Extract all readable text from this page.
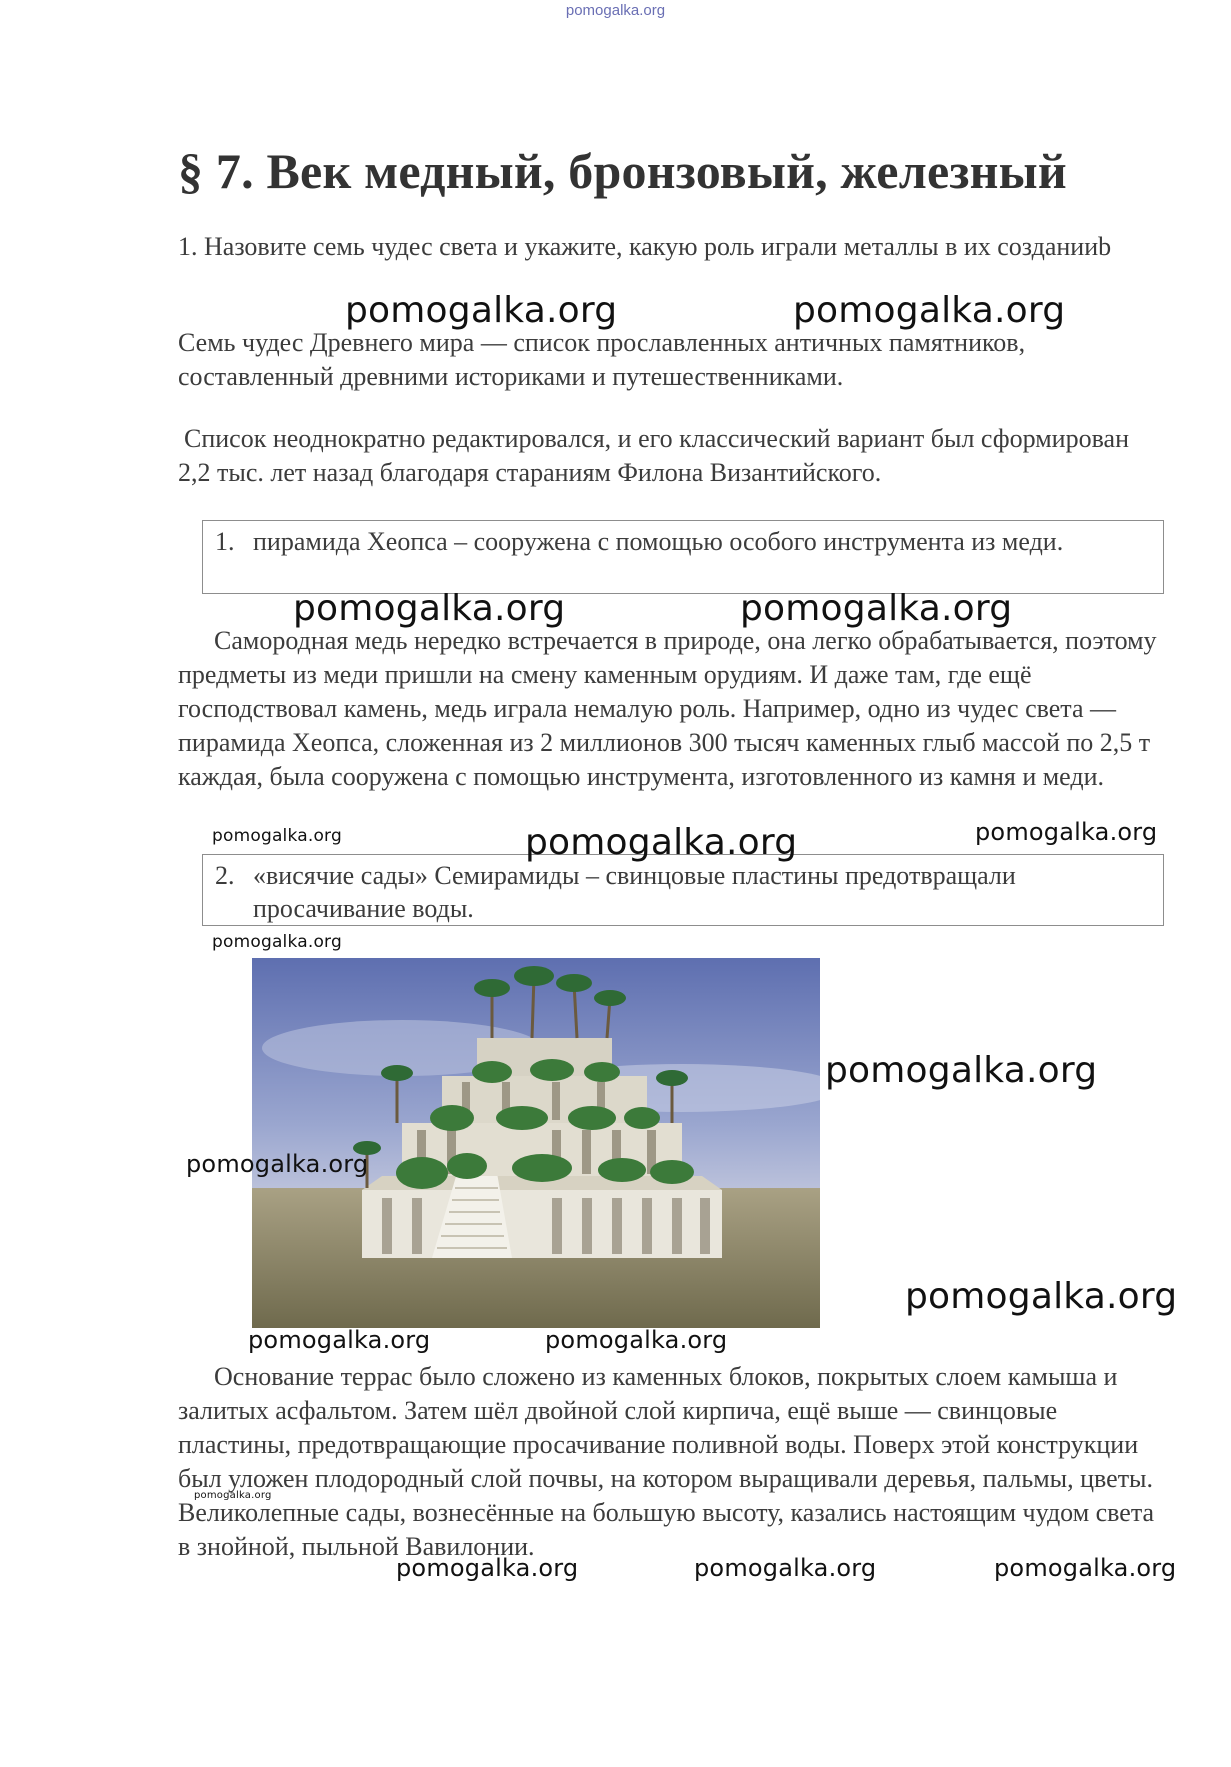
pomogalka.org
§ 7. Век медный, бронзовый, железный

1. Назовите семь чудес света и укажите, какую роль играли металлы в их созданииb

Семь чудес Древнего мира — список прославленных античных памятников, составленный древними историками и путешественниками.

Список неоднократно редактировался, и его классический вариант был сформирован 2,2 тыс. лет назад благодаря стараниям Филона Византийского.

1. пирамида Хеопса – сооружена с помощью особого инструмента из меди.

Самородная медь нередко встречается в природе, она легко обрабатывается, поэтому предметы из меди пришли на смену каменным орудиям. И даже там, где ещё господствовал камень, медь играла немалую роль. Например, одно из чудес света — пирамида Хеопса, сложенная из 2 миллионов 300 тысяч каменных глыб массой по 2,5 т каждая, была сооружена с помощью инструмента, изготовленного из камня и меди.

2. «висячие сады» Семирамиды – свинцовые пластины предотвращали просачивание воды.

Основание террас было сложено из каменных блоков, покрытых слоем камыша и залитых асфальтом. Затем шёл двойной слой кирпича, ещё выше — свинцовые пластины, предотвращающие просачивание поливной воды. Поверх этой конструкции был уложен плодородный слой почвы, на котором выращивали деревья, пальмы, цветы. Великолепные сады, вознесённые на большую высоту, казались настоящим чудом света в знойной, пыльной Вавилонии.

pomogalka.org	pomogalka.org
pomogalka.org	pomogalka.org
pomogalka.org	pomogalka.org	pomogalka.org
pomogalka.org
pomogalka.org
pomogalka.org
pomogalka.org
pomogalka.org	pomogalka.org
pomogalka.org
pomogalka.org	pomogalka.org	pomogalka.org
